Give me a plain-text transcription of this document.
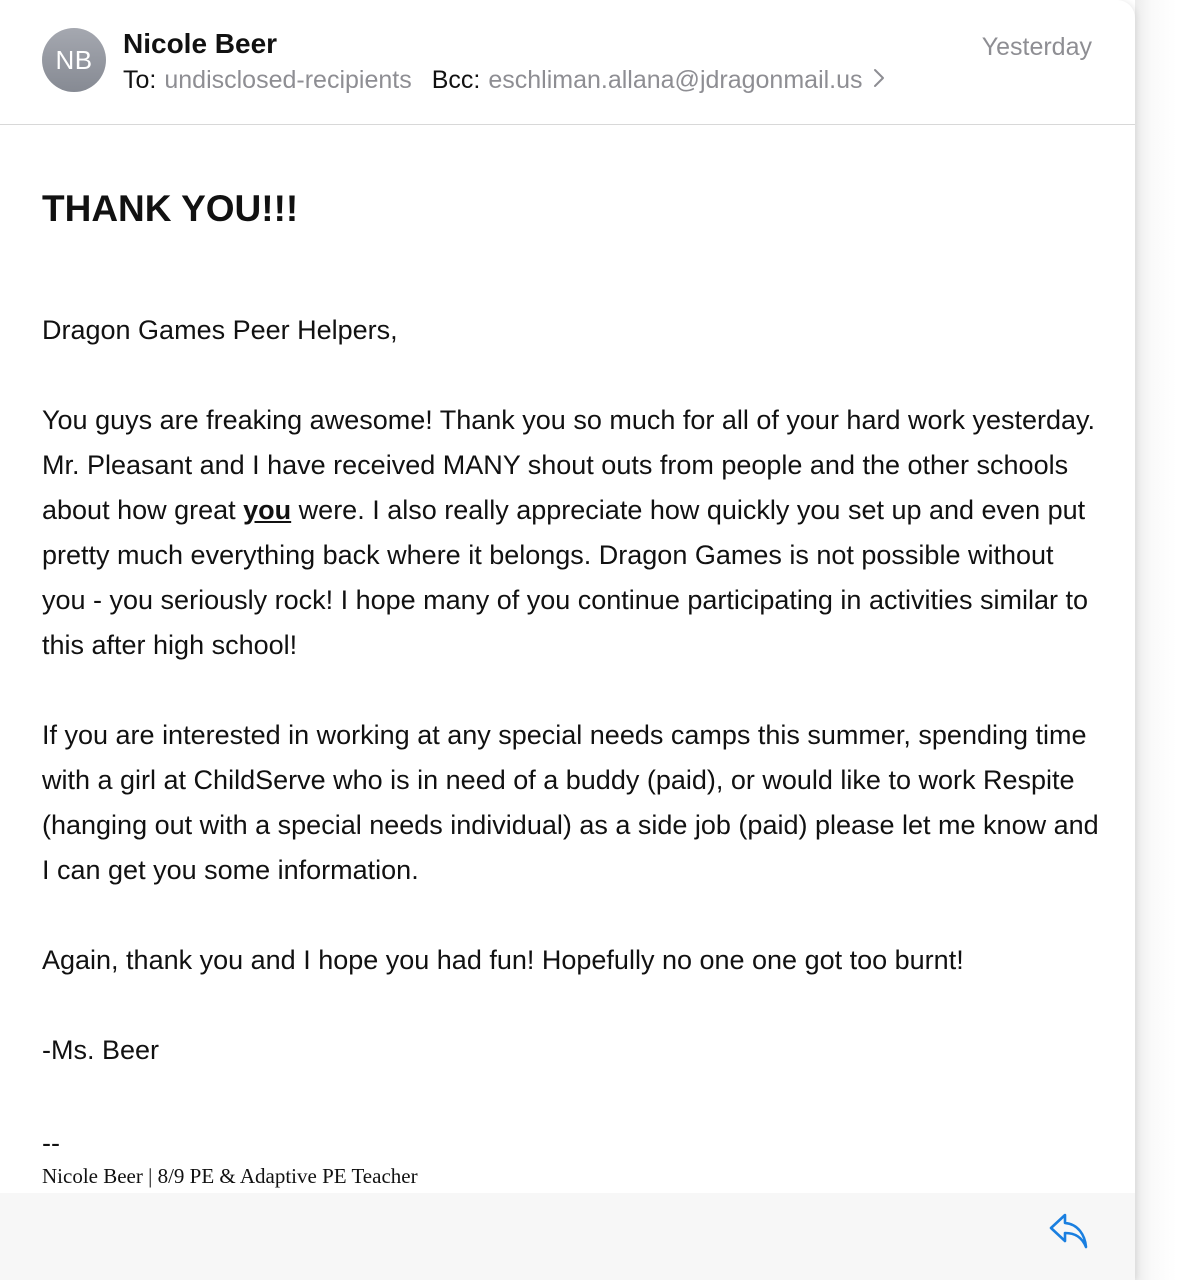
NB
Nicole Beer	Yesterday
To: undisclosed-recipients Bcc: eschliman.allana@jdragonmail.us

THANK YOU!!!

Dragon Games Peer Helpers,

You guys are freaking awesome! Thank you so much for all of your hard work yesterday. Mr. Pleasant and I have received MANY shout outs from people and the other schools about how great you were. I also really appreciate how quickly you set up and even put pretty much everything back where it belongs. Dragon Games is not possible without you - you seriously rock! I hope many of you continue participating in activities similar to this after high school!

If you are interested in working at any special needs camps this summer, spending time with a girl at ChildServe who is in need of a buddy (paid), or would like to work Respite (hanging out with a special needs individual) as a side job (paid) please let me know and I can get you some information.

Again, thank you and I hope you had fun! Hopefully no one one got too burnt!

-Ms. Beer

--
Nicole Beer | 8/9 PE & Adaptive PE Teacher
